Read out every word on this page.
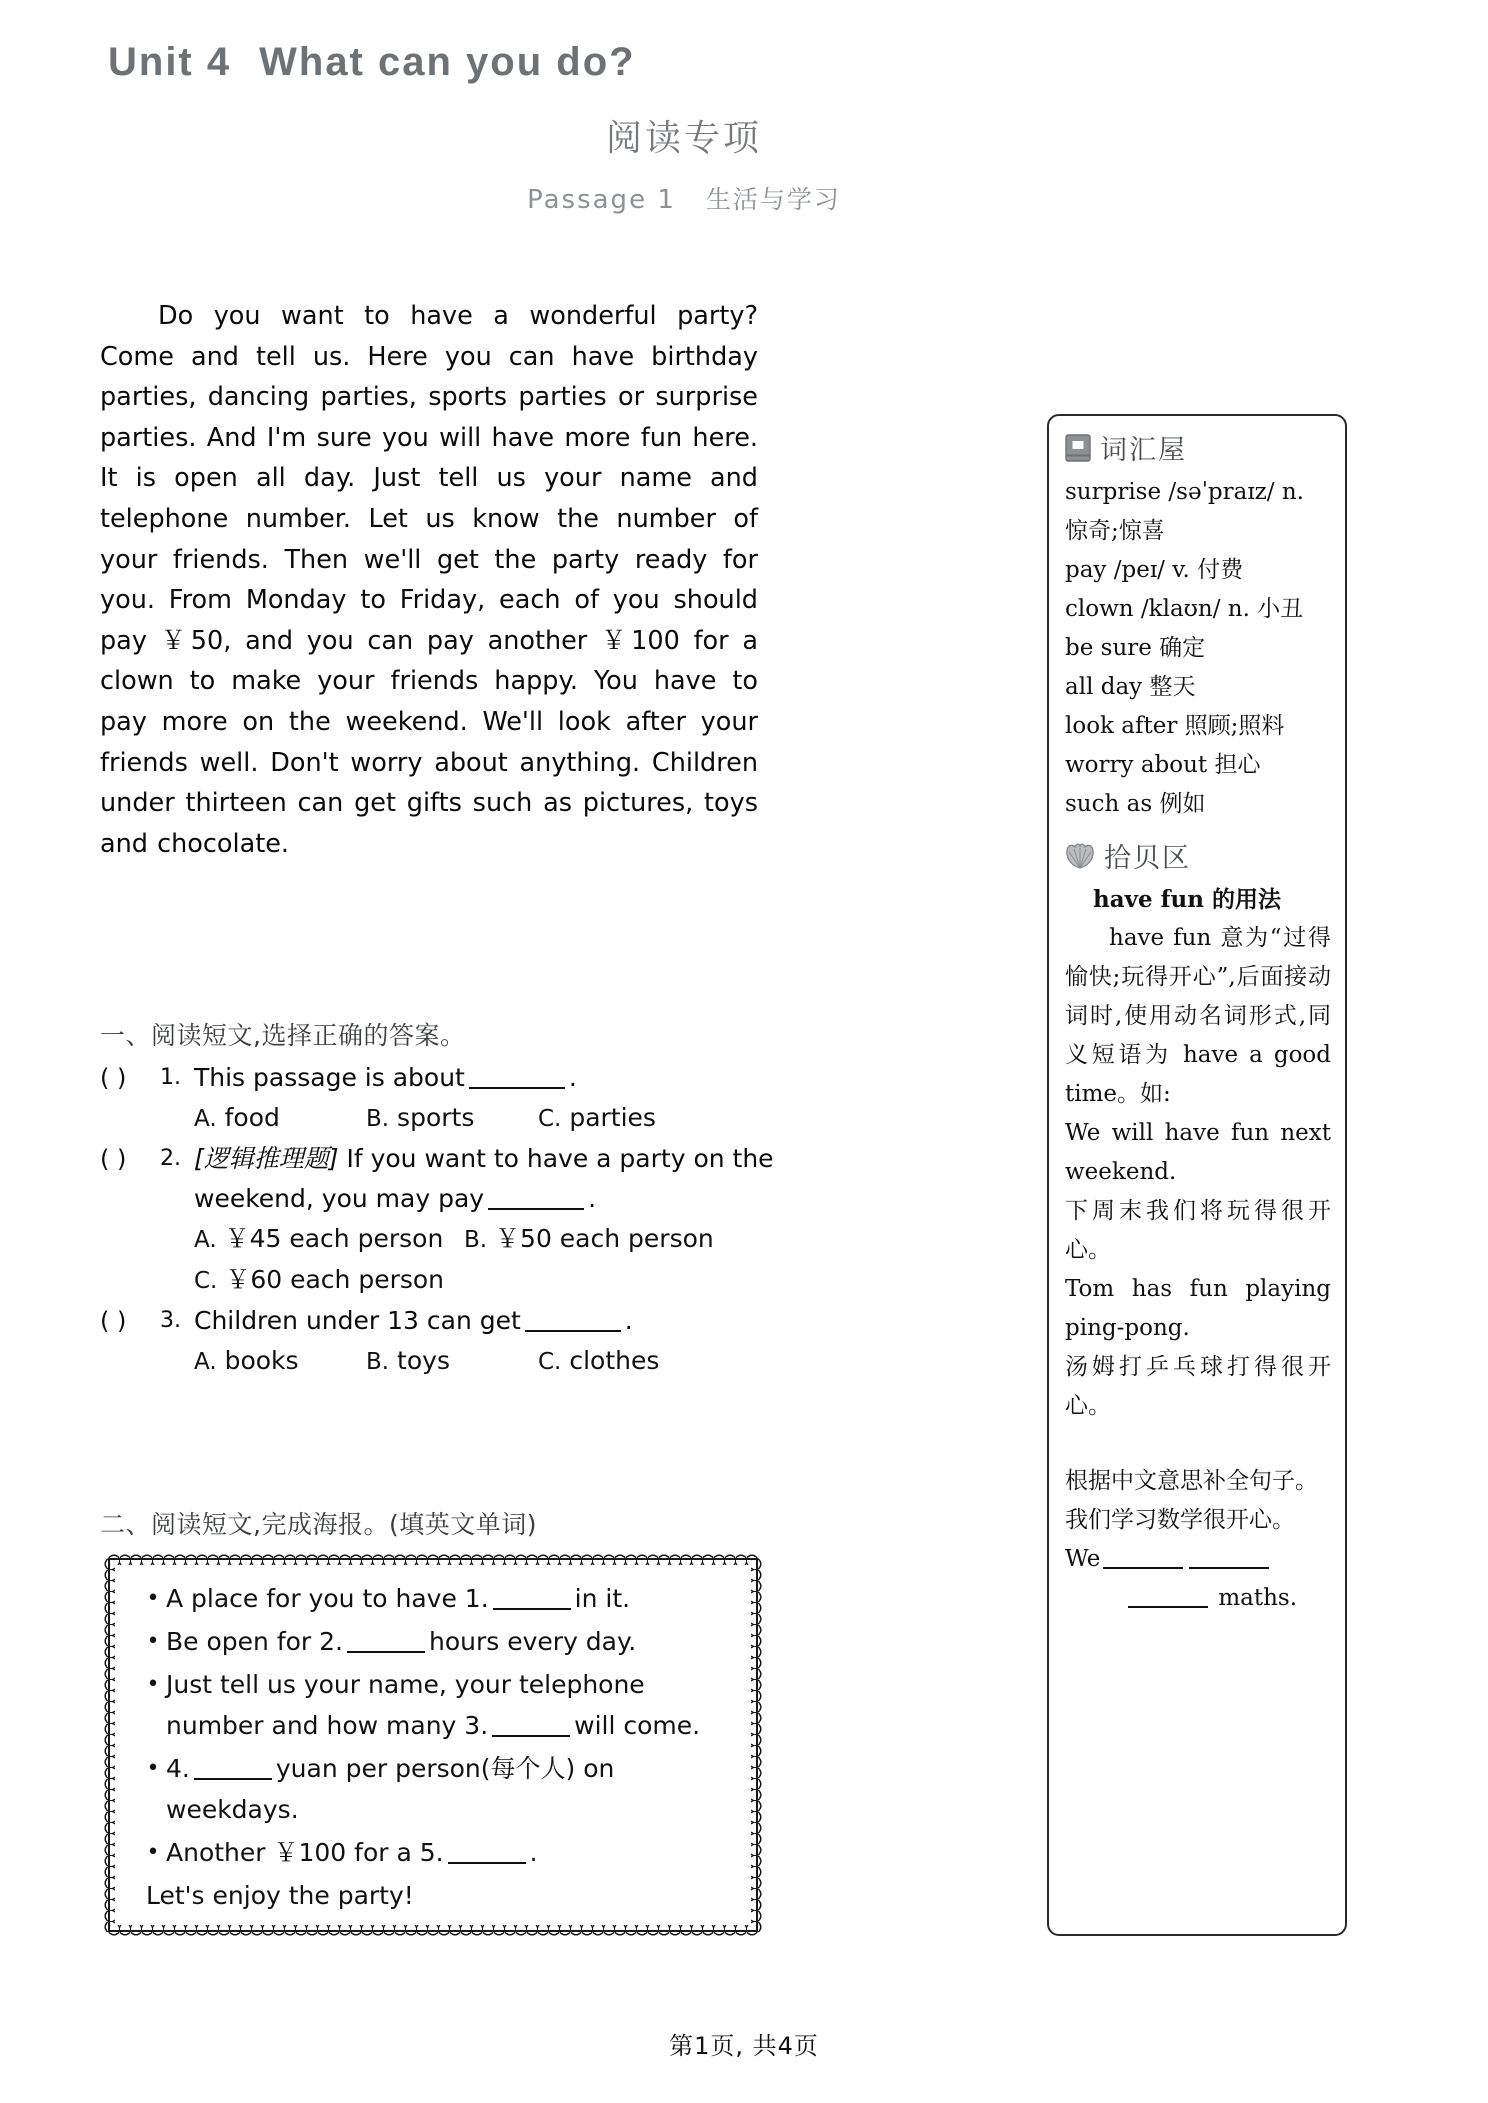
Unit 4 What can you do?
阅读专项
Passage 1 生活与学习
Do you want to have a wonderful party? Come and tell us. Here you can have birthday parties, dancing parties, sports parties or surprise parties. And I'm sure you will have more fun here. It is open all day. Just tell us your name and telephone number. Let us know the number of your friends. Then we'll get the party ready for you. From Monday to Friday, each of you should pay ￥50, and you can pay another ￥100 for a clown to make your friends happy. You have to pay more on the weekend. We'll look after your friends well. Don't worry about anything. Children under thirteen can get gifts such as pictures, toys and chocolate.
一、阅读短文,选择正确的答案。
( )	1. This passage is about	.
A. food	B. sports	C. parties
( )	2. [逻辑推理题] If you want to have a party on the weekend, you may pay	.
A. ￥45 each person B. ￥50 each person
C. ￥60 each person
( )	3. Children under 13 can get	.
A. books	B. toys	C. clothes
二、阅读短文,完成海报。(填英文单词)
• A place for you to have 1.	in it.
• Be open for 2.	hours every day.
• Just tell us your name, your telephone number and how many 3.	will come.
• 4.	yuan per person(每个人) on weekdays.
• Another ￥100 for a 5.	.
Let's enjoy the party!
词汇屋
surprise /səˈpraɪz/ n.
惊奇;惊喜
pay /peɪ/ v. 付费
clown /klaʊn/ n. 小丑
be sure 确定
all day 整天
look after 照顾;照料
worry about 担心
such as 例如
拾贝区
have fun 的用法
have fun 意为“过得愉快;玩得开心”,后面接动词时,使用动名词形式,同义短语为 have a good time。如:
We will have fun next weekend.
下周末我们将玩得很开心。
Tom has fun playing ping-pong.
汤姆打乒乓球打得很开心。
根据中文意思补全句子。
我们学习数学很开心。
We
maths.
第1页, 共4页
